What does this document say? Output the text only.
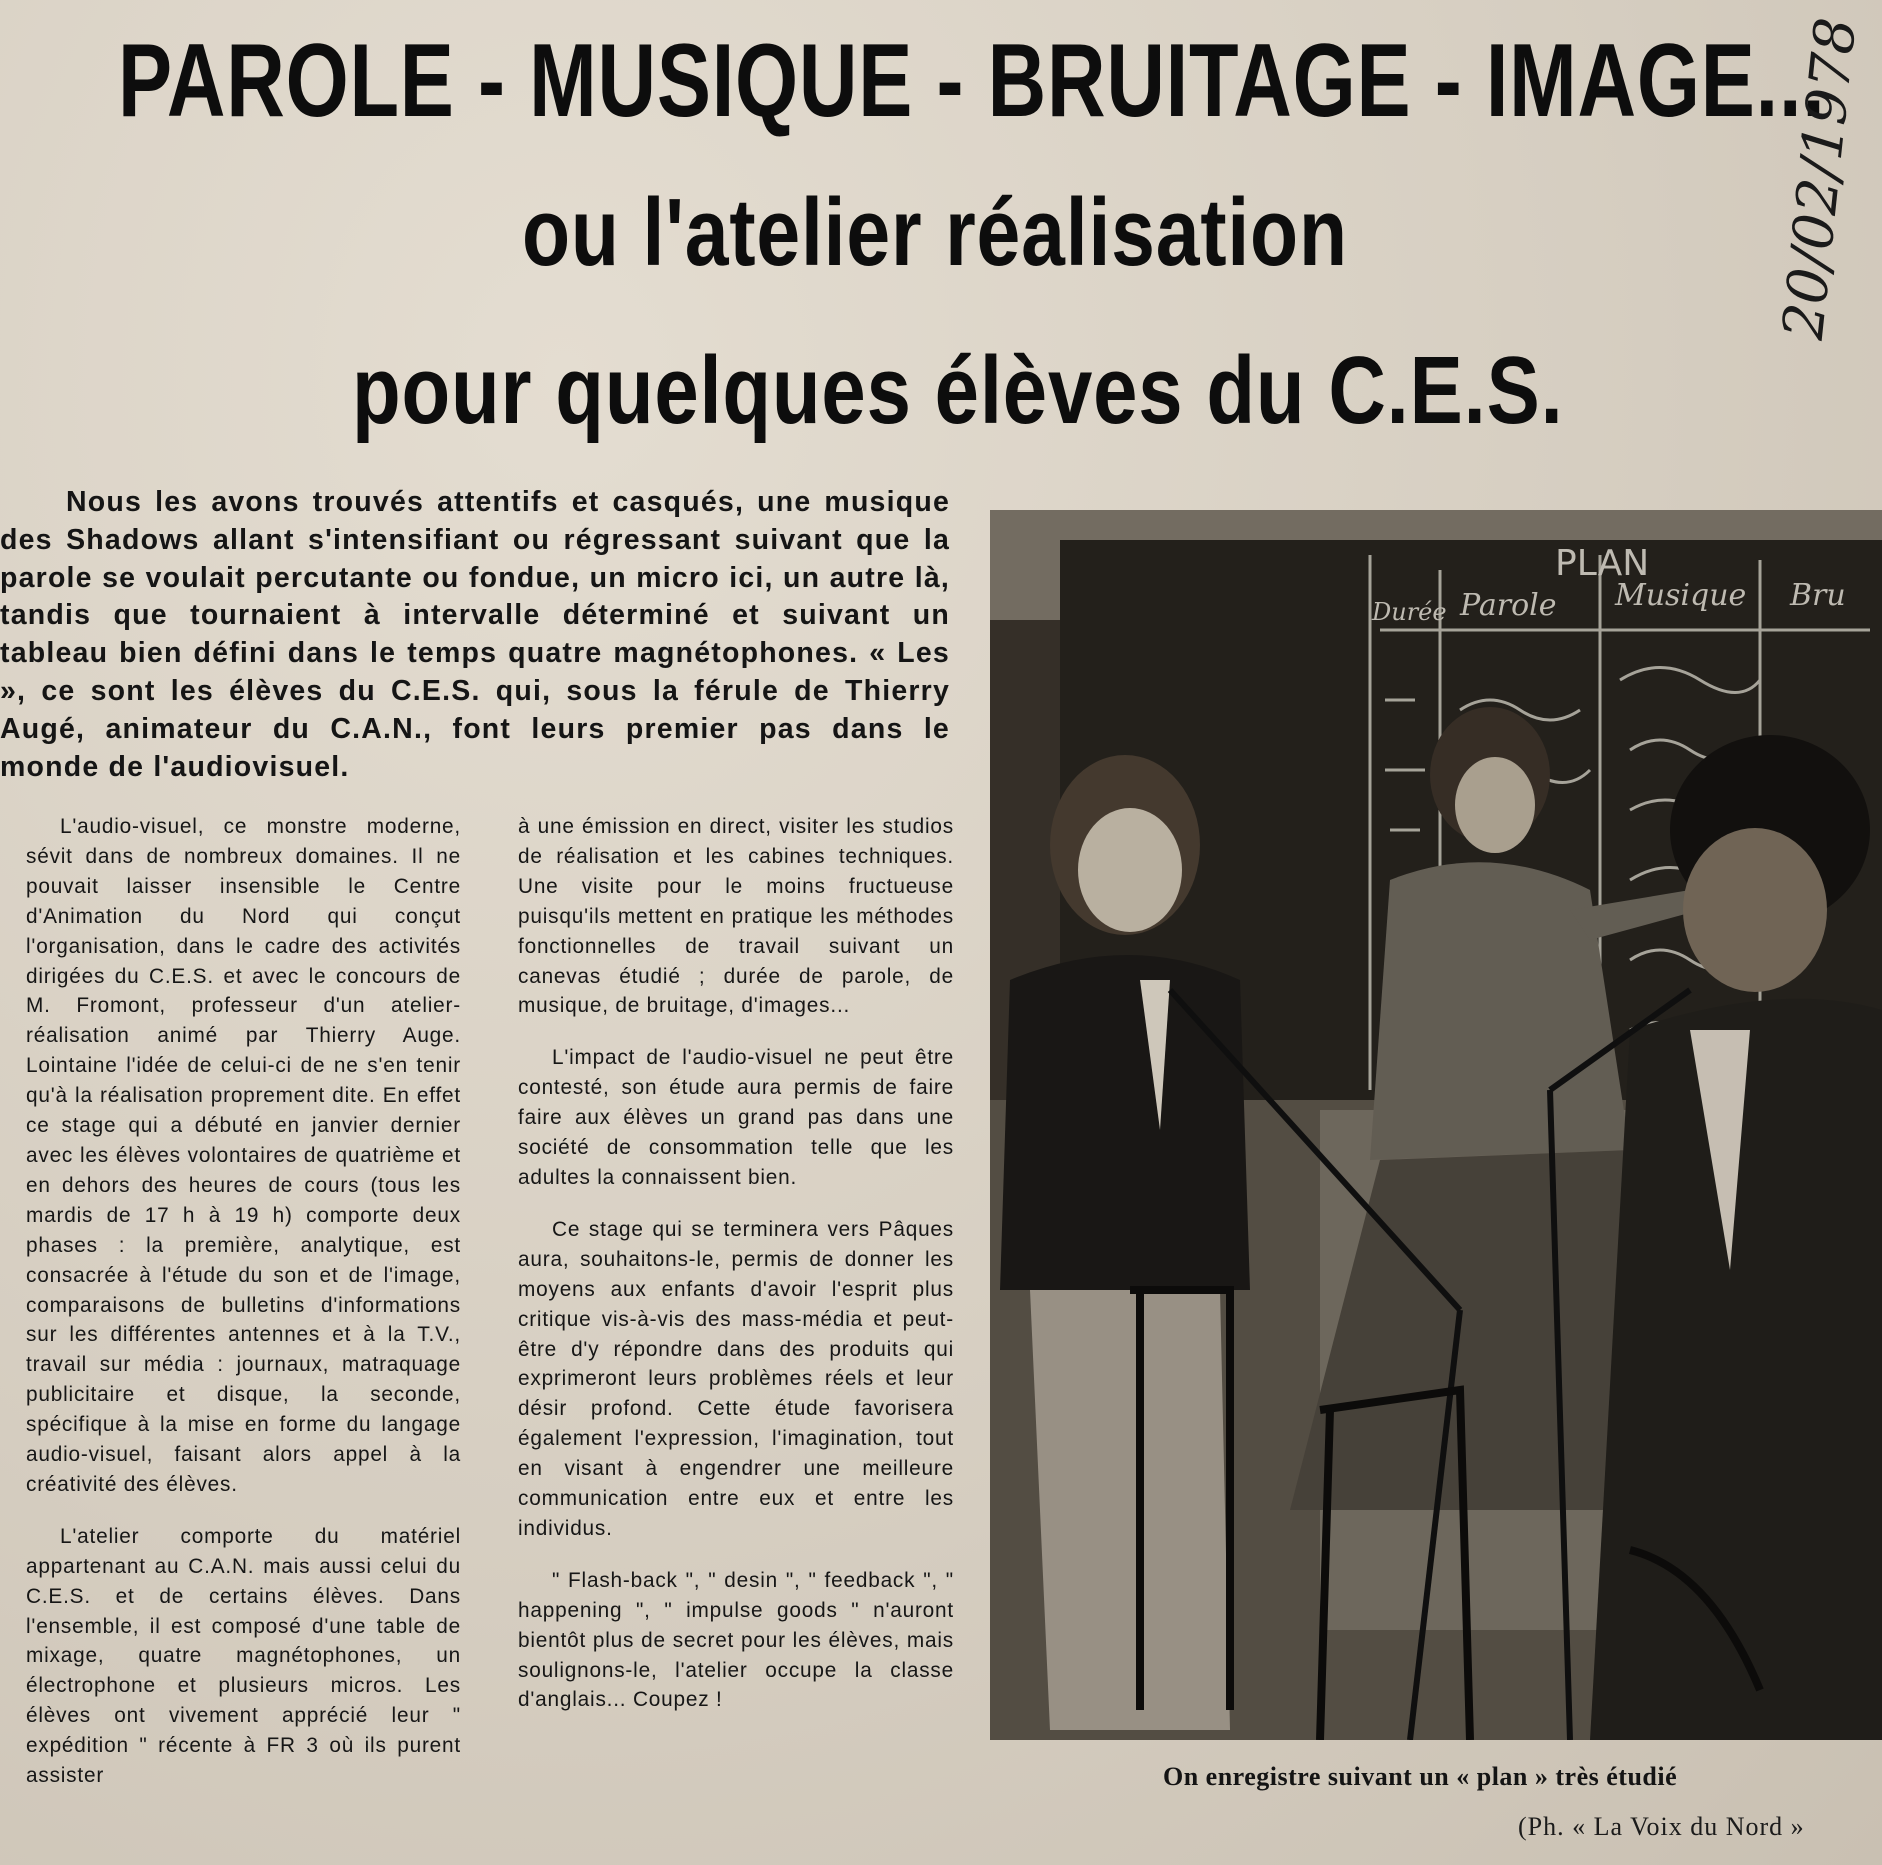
PAROLE - MUSIQUE - BRUITAGE - IMAGE...
ou l'atelier réalisation
pour quelques élèves du C.E.S.
20/02/1978

Nous les avons trouvés attentifs et casqués, une musique des Shadows allant s'intensifiant ou régressant suivant que la parole se voulait percutante ou fondue, un micro ici, un autre là, tandis que tournaient à intervalle déterminé et suivant un tableau bien défini dans le temps quatre magnétophones. « Les », ce sont les élèves du C.E.S. qui, sous la férule de Thierry Augé, animateur du C.A.N., font leurs premier pas dans le monde de l'audiovisuel.

L'audio-visuel, ce monstre moderne, sévit dans de nombreux domaines. Il ne pouvait laisser insensible le Centre d'Animation du Nord qui conçut l'organisation, dans le cadre des activités dirigées du C.E.S. et avec le concours de M. Fromont, professeur d'un atelier-réalisation animé par Thierry Auge. Lointaine l'idée de celui-ci de ne s'en tenir qu'à la réalisation proprement dite. En effet ce stage qui a débuté en janvier dernier avec les élèves volontaires de quatrième et en dehors des heures de cours (tous les mardis de 17 h à 19 h) comporte deux phases : la première, analytique, est consacrée à l'étude du son et de l'image, comparaisons de bulletins d'informations sur les différentes antennes et à la T.V., travail sur média : journaux, matraquage publicitaire et disque, la seconde, spécifique à la mise en forme du langage audio-visuel, faisant alors appel à la créativité des élèves.

L'atelier comporte du matériel appartenant au C.A.N. mais aussi celui du C.E.S. et de certains élèves. Dans l'ensemble, il est composé d'une table de mixage, quatre magnétophones, un électrophone et plusieurs micros. Les élèves ont vivement apprécié leur " expédition " récente à FR 3 où ils purent assister

à une émission en direct, visiter les studios de réalisation et les cabines techniques. Une visite pour le moins fructueuse puisqu'ils mettent en pratique les méthodes fonctionnelles de travail suivant un canevas étudié ; durée de parole, de musique, de bruitage, d'images...

L'impact de l'audio-visuel ne peut être contesté, son étude aura permis de faire faire aux élèves un grand pas dans une société de consommation telle que les adultes la connaissent bien.

Ce stage qui se terminera vers Pâques aura, souhaitons-le, permis de donner les moyens aux enfants d'avoir l'esprit plus critique vis-à-vis des mass-média et peut-être d'y répondre dans des produits qui exprimeront leurs problèmes réels et leur désir profond. Cette étude favorisera également l'expression, l'imagination, tout en visant à engendrer une meilleure communication entre eux et entre les individus.

" Flash-back ", " desin ", " feedback ", " happening ", " impulse goods " n'auront bientôt plus de secret pour les élèves, mais soulignons-le, l'atelier occupe la classe d'anglais... Coupez !

PLAN
Durée Parole Musique Bru

On enregistre suivant un « plan » très étudié

(Ph. « La Voix du Nord »
